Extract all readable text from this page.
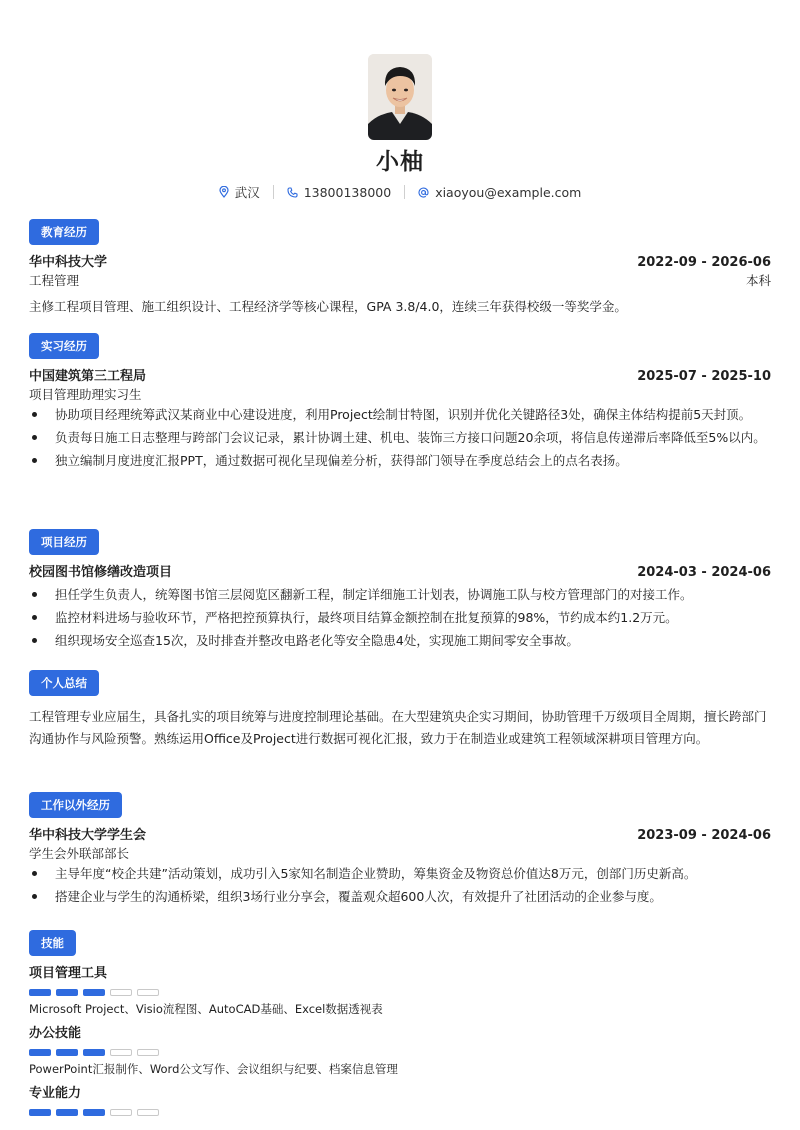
小柚
武汉	13800138000	xiaoyou@example.com
教育经历
华中科技大学	2022-09 - 2026-06
工程管理	本科

主修工程项目管理、施工组织设计、工程经济学等核心课程，GPA 3.8/4.0，连续三年获得校级一等奖学金。

实习经历
中国建筑第三工程局	2025-07 - 2025-10
项目管理助理实习生
协助项目经理统筹武汉某商业中心建设进度，利用Project绘制甘特图，识别并优化关键路径3处，确保主体结构提前5天封顶。
负责每日施工日志整理与跨部门会议记录，累计协调土建、机电、装饰三方接口问题20余项，将信息传递滞后率降低至5%以内。
独立编制月度进度汇报PPT，通过数据可视化呈现偏差分析，获得部门领导在季度总结会上的点名表扬。
项目经历
校园图书馆修缮改造项目	2024-03 - 2024-06
担任学生负责人，统筹图书馆三层阅览区翻新工程，制定详细施工计划表，协调施工队与校方管理部门的对接工作。
监控材料进场与验收环节，严格把控预算执行，最终项目结算金额控制在批复预算的98%，节约成本约1.2万元。
组织现场安全巡查15次，及时排查并整改电路老化等安全隐患4处，实现施工期间零安全事故。
个人总结

工程管理专业应届生，具备扎实的项目统筹与进度控制理论基础。在大型建筑央企实习期间，协助管理千万级项目全周期，擅长跨部门沟通协作与风险预警。熟练运用Office及Project进行数据可视化汇报，致力于在制造业或建筑工程领域深耕项目管理方向。

工作以外经历
华中科技大学学生会	2023-09 - 2024-06
学生会外联部部长
主导年度“校企共建”活动策划，成功引入5家知名制造企业赞助，筹集资金及物资总价值达8万元，创部门历史新高。
搭建企业与学生的沟通桥梁，组织3场行业分享会，覆盖观众超600人次，有效提升了社团活动的企业参与度。
技能
项目管理工具
Microsoft Project、Visio流程图、AutoCAD基础、Excel数据透视表
办公技能
PowerPoint汇报制作、Word公文写作、会议组织与纪要、档案信息管理
专业能力
